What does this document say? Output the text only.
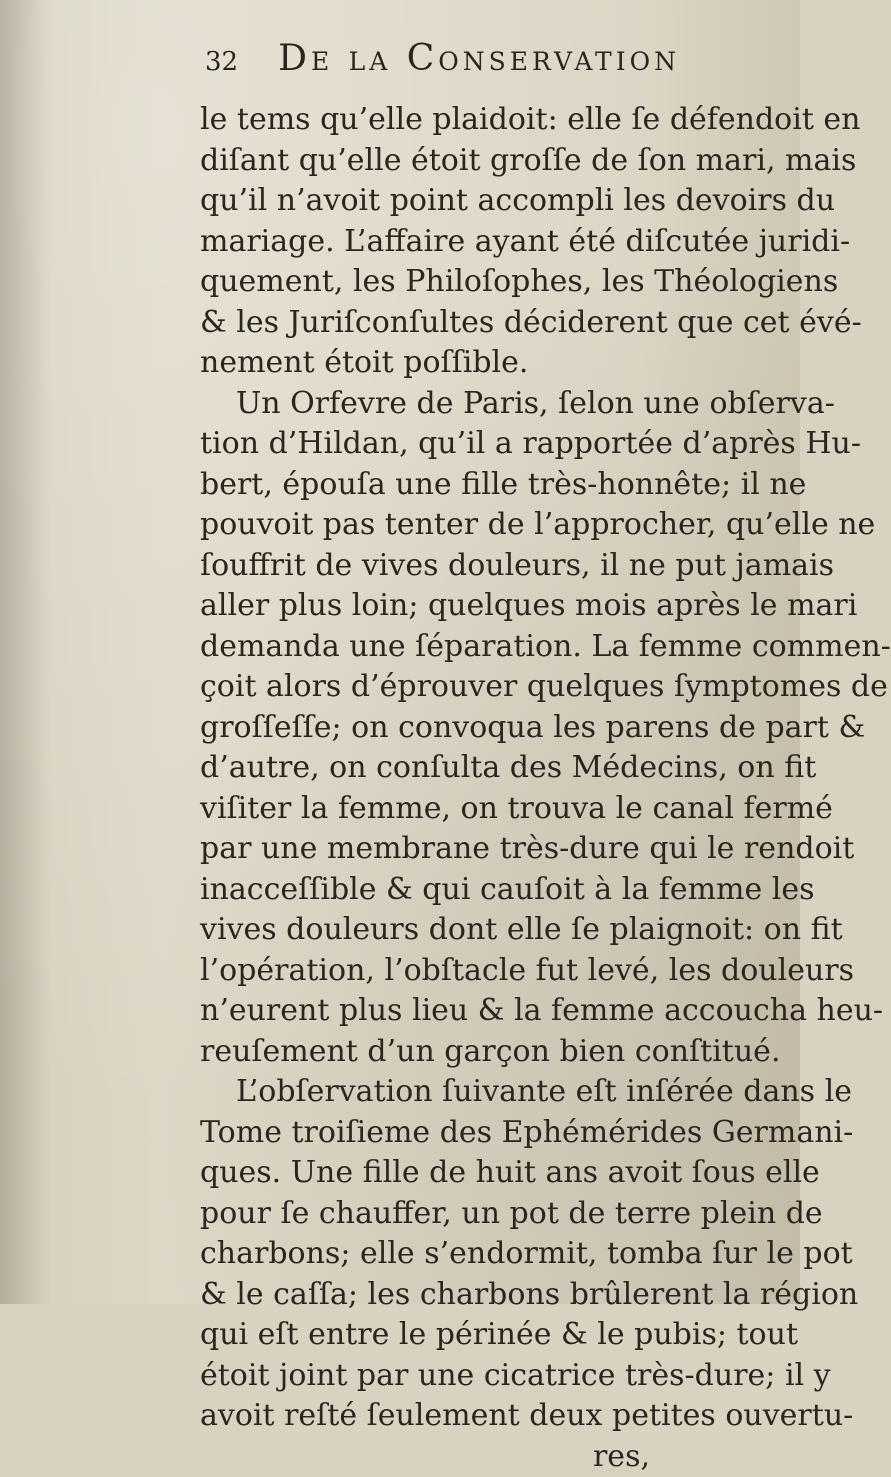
32 De la Conservation
le tems qu’elle plaidoit: elle ſe défendoit en
diſant qu’elle étoit groſſe de ſon mari, mais
qu’il n’avoit point accompli les devoirs du
mariage. L’affaire ayant été diſcutée juridi-
quement, les Philoſophes, les Théologiens
& les Juriſconſultes déciderent que cet évé-
nement étoit poſſible.
Un Orfevre de Paris, ſelon une obſerva-
tion d’Hildan, qu’il a rapportée d’après Hu-
bert, épouſa une fille très-honnête; il ne
pouvoit pas tenter de l’approcher, qu’elle ne
ſouffrit de vives douleurs, il ne put jamais
aller plus loin; quelques mois après le mari
demanda une ſéparation. La femme commen-
çoit alors d’éprouver quelques ſymptomes de
groſſeſſe; on convoqua les parens de part &
d’autre, on conſulta des Médecins, on fit
viſiter la femme, on trouva le canal fermé
par une membrane très-dure qui le rendoit
inacceſſible & qui cauſoit à la femme les
vives douleurs dont elle ſe plaignoit: on fit
l’opération, l’obſtacle fut levé, les douleurs
n’eurent plus lieu & la femme accoucha heu-
reuſement d’un garçon bien conſtitué.
L’obſervation ſuivante eſt inſérée dans le
Tome troiſieme des Ephémérides Germani-
ques. Une fille de huit ans avoit ſous elle
pour ſe chauffer, un pot de terre plein de
charbons; elle s’endormit, tomba ſur le pot
& le caſſa; les charbons brûlerent la région
qui eſt entre le périnée & le pubis; tout
étoit joint par une cicatrice très-dure; il y
avoit reſté ſeulement deux petites ouvertu-
res,
